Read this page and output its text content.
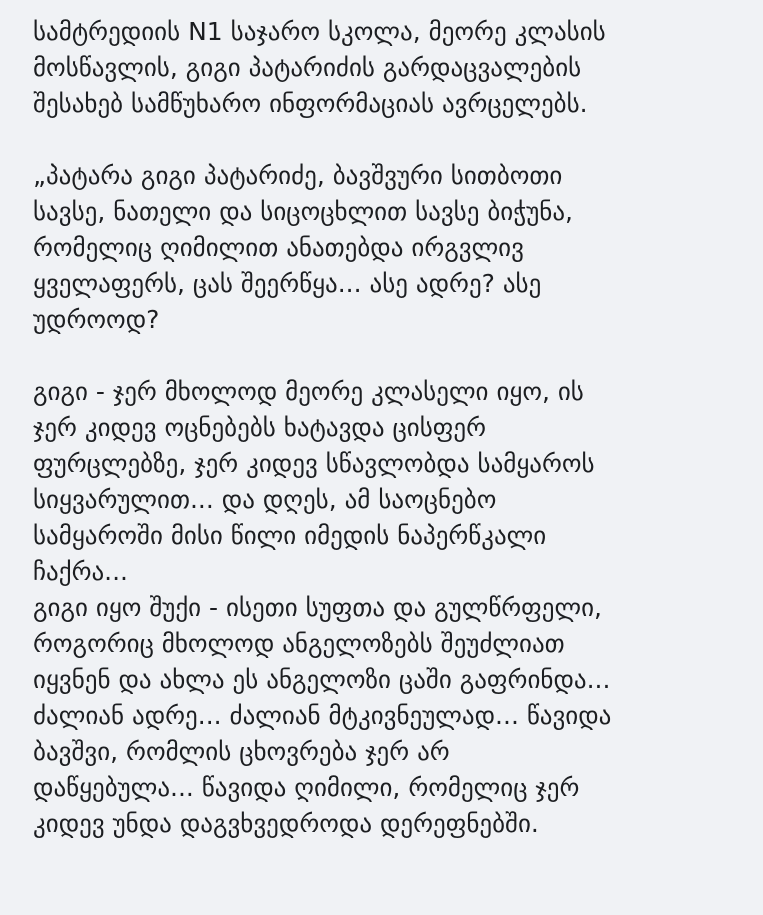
სამტრედიის N1 საჯარო სკოლა, მეორე კლასის
მოსწავლის, გიგი პატარიძის გარდაცვალების
შესახებ სამწუხარო ინფორმაციას ავრცელებს.

„პატარა გიგი პატარიძე, ბავშვური სითბოთი
სავსე, ნათელი და სიცოცხლით სავსე ბიჭუნა,
რომელიც ღიმილით ანათებდა ირგვლივ
ყველაფერს, ცას შეერწყა... ასე ადრე? ასე
უდროოდ?

გიგი - ჯერ მხოლოდ მეორე კლასელი იყო, ის
ჯერ კიდევ ოცნებებს ხატავდა ცისფერ
ფურცლებზე, ჯერ კიდევ სწავლობდა სამყაროს
სიყვარულით... და დღეს, ამ საოცნებო
სამყაროში მისი წილი იმედის ნაპერწკალი
ჩაქრა...

გიგი იყო შუქი - ისეთი სუფთა და გულწრფელი,
როგორიც მხოლოდ ანგელოზებს შეუძლიათ
იყვნენ და ახლა ეს ანგელოზი ცაში გაფრინდა...
ძალიან ადრე... ძალიან მტკივნეულად... წავიდა
ბავშვი, რომლის ცხოვრება ჯერ არ
დაწყებულა... წავიდა ღიმილი, რომელიც ჯერ
კიდევ უნდა დაგვხვედროდა დერეფნებში.
